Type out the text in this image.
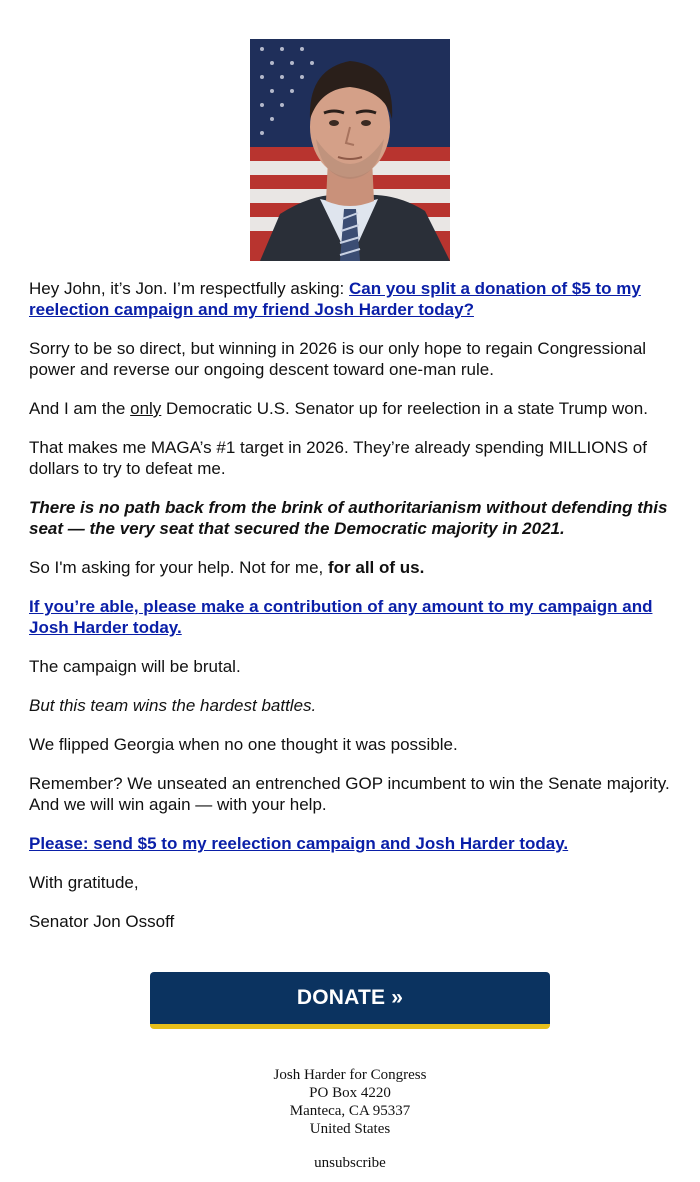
Hey John, it’s Jon. I’m respectfully asking: Can you split a donation of $5 to my reelection campaign and my friend Josh Harder today?

Sorry to be so direct, but winning in 2026 is our only hope to regain Congressional power and reverse our ongoing descent toward one-man rule.

And I am the only Democratic U.S. Senator up for reelection in a state Trump won.

That makes me MAGA’s #1 target in 2026. They’re already spending MILLIONS of dollars to try to defeat me.

There is no path back from the brink of authoritarianism without defending this seat — the very seat that secured the Democratic majority in 2021.

So I'm asking for your help. Not for me, for all of us.

If you’re able, please make a contribution of any amount to my campaign and Josh Harder today.

The campaign will be brutal.

But this team wins the hardest battles.

We flipped Georgia when no one thought it was possible.

Remember? We unseated an entrenched GOP incumbent to win the Senate majority. And we will win again — with your help.

Please: send $5 to my reelection campaign and Josh Harder today.

With gratitude,

Senator Jon Ossoff

DONATE »
Josh Harder for Congress
PO Box 4220
Manteca, CA 95337
United States
unsubscribe
